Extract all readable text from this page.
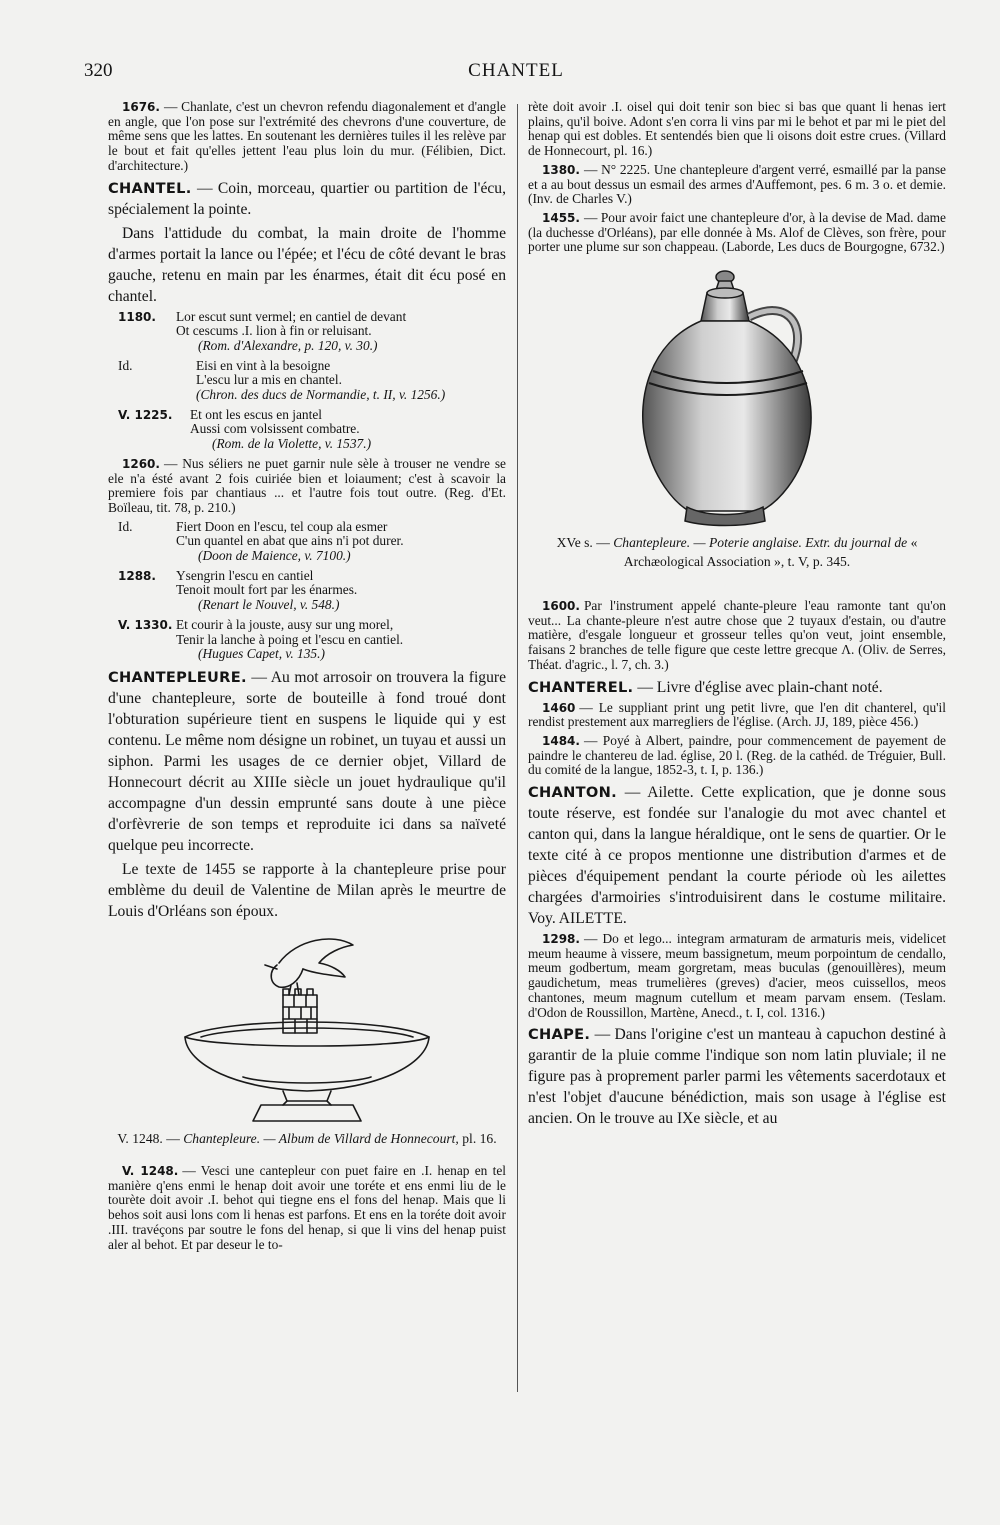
320	CHANTEL

1676. — Chanlate, c'est un chevron refendu diagonalement et d'angle en angle, que l'on pose sur l'extrémité des chevrons d'une couverture, de même sens que les lattes. En soutenant les dernières tuiles il les relève par le bout et fait qu'elles jettent l'eau plus loin du mur. (Félibien, Dict. d'architecture.)

CHANTEL. — Coin, morceau, quartier ou partition de l'écu, spécialement la pointe.

Dans l'attidude du combat, la main droite de l'homme d'armes portait la lance ou l'épée; et l'écu de côté devant le bras gauche, retenu en main par les énarmes, était dit écu posé en chantel.

1180.	Lor escut sunt vermel; en cantiel de devant
Ot cescums .I. lion à fin or reluisant.
(Rom. d'Alexandre, p. 120, v. 30.)
Id.	Eisi en vint à la besoigne
L'escu lur a mis en chantel.
(Chron. des ducs de Normandie, t. II, v. 1256.)
V. 1225. Et ont les escus en jantel
Aussi com volsissent combatre.
(Rom. de la Violette, v. 1537.)

1260. — Nus séliers ne puet garnir nule sèle à trouser ne vendre se ele n'a ésté avant 2 fois cuiriée bien et loiaument; c'est à scavoir la premiere fois par chantiaus ... et l'autre fois tout outre. (Reg. d'Et. Boïleau, tit. 78, p. 210.)

Id.	Fiert Doon en l'escu, tel coup ala esmer
C'un quantel en abat que ains n'i pot durer.
(Doon de Maience, v. 7100.)
1288.	Ysengrin l'escu en cantiel
Tenoit moult fort par les énarmes.
(Renart le Nouvel, v. 548.)
V. 1330. Et courir à la jouste, ausy sur ung morel,
Tenir la lanche à poing et l'escu en cantiel.
(Hugues Capet, v. 135.)

CHANTEPLEURE. — Au mot arrosoir on trouvera la figure d'une chantepleure, sorte de bouteille à fond troué dont l'obturation supérieure tient en suspens le liquide qui y est contenu. Le même nom désigne un robinet, un tuyau et aussi un siphon. Parmi les usages de ce dernier objet, Villard de Honnecourt décrit au XIIIe siècle un jouet hydraulique qu'il accompagne d'un dessin emprunté sans doute à une pièce d'orfèvrerie de son temps et reproduite ici dans sa naïveté quelque peu incorrecte.

Le texte de 1455 se rapporte à la chantepleure prise pour emblème du deuil de Valentine de Milan après le meurtre de Louis d'Orléans son époux.

V. 1248. — Chantepleure. — Album de Villard de Honnecourt, pl. 16.

V. 1248. — Vesci une cantepleur con puet faire en .I. henap en tel manière q'ens enmi le henap doit avoir une toréte et ens enmi liu de le tourète doit avoir .I. behot qui tiegne ens el fons del henap. Mais que li behos soit ausi lons com li henas est parfons. Et ens en la toréte doit avoir .III. travéçons par soutre le fons del henap, si que li vins del henap puist aler al behot. Et par deseur le to-

rète doit avoir .I. oisel qui doit tenir son biec si bas que quant li henas iert plains, qu'il boive. Adont s'en corra li vins par mi le behot et par mi le piet del henap qui est dobles. Et sentendés bien que li oisons doit estre crues. (Villard de Honnecourt, pl. 16.)

1380. — N° 2225. Une chantepleure d'argent verré, esmaillé par la panse et a au bout dessus un esmail des armes d'Auffemont, pes. 6 m. 3 o. et demie. (Inv. de Charles V.)

1455. — Pour avoir faict une chantepleure d'or, à la devise de Mad. dame (la duchesse d'Orléans), par elle donnée à Ms. Alof de Clèves, son frère, pour porter une plume sur son chappeau. (Laborde, Les ducs de Bourgogne, 6732.)

XVe s. — Chantepleure. — Poterie anglaise. Extr. du journal de « Archæological Association », t. V, p. 345.

1600. Par l'instrument appelé chante-pleure l'eau ramonte tant qu'on veut... La chante-pleure n'est autre chose que 2 tuyaux d'estain, ou d'autre matière, d'esgale longueur et grosseur telles qu'on veut, joint ensemble, faisans 2 branches de telle figure que ceste lettre grecque Λ. (Oliv. de Serres, Théat. d'agric., l. 7, ch. 3.)

CHANTEREL. — Livre d'église avec plain-chant noté.

1460 — Le suppliant print ung petit livre, que l'en dit chanterel, qu'il rendist prestement aux marregliers de l'église. (Arch. JJ, 189, pièce 456.)

1484. — Poyé à Albert, paindre, pour commencement de payement de paindre le chantereu de lad. église, 20 l. (Reg. de la cathéd. de Tréguier, Bull. du comité de la langue, 1852-3, t. I, p. 136.)

CHANTON. — Ailette. Cette explication, que je donne sous toute réserve, est fondée sur l'analogie du mot avec chantel et canton qui, dans la langue héraldique, ont le sens de quartier. Or le texte cité à ce propos mentionne une distribution d'armes et de pièces d'équipement pendant la courte période où les ailettes chargées d'armoiries s'introduisirent dans le costume militaire. Voy. AILETTE.

1298. — Do et lego... integram armaturam de armaturis meis, videlicet meum heaume à vissere, meum bassignetum, meum porpointum de cendallo, meum godbertum, meam gorgretam, meas buculas (genouillères), meum gaudichetum, meas trumelières (greves) d'acier, meos cuissellos, meos chantones, meum magnum cutellum et meam parvam ensem. (Teslam. d'Odon de Roussillon, Martène, Anecd., t. I, col. 1316.)

CHAPE. — Dans l'origine c'est un manteau à capuchon destiné à garantir de la pluie comme l'indique son nom latin pluviale; il ne figure pas à proprement parler parmi les vêtements sacerdotaux et n'est l'objet d'aucune bénédiction, mais son usage à l'église est ancien. On le trouve au IXe siècle, et au
